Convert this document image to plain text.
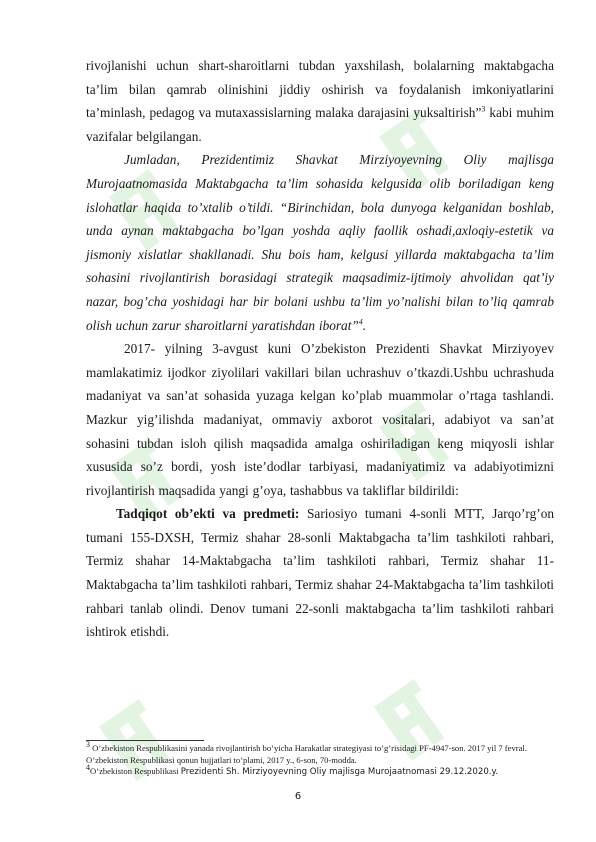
rivojlanishi uchun shart-sharoitlarni tubdan yaxshilash, bolalarning maktabgacha ta’lim bilan qamrab olinishini jiddiy oshirish va foydalanish imkoniyatlarini ta’minlash, pedagog va mutaxassislarning malaka darajasini yuksaltirish”$^3$ kabi muhim vazifalar belgilangan.

Jumladan, Prezidentimiz Shavkat Mirziyoyevning Oliy majlisga Murojaatnomasida Maktabgacha ta’lim sohasida kelgusida olib boriladigan keng islohatlar haqida to’xtalib o’tildi. “Birinchidan, bola dunyoga kelganidan boshlab, unda aynan maktabgacha bo’lgan yoshda aqliy faollik oshadi,axloqiy-estetik va jismoniy xislatlar shakllanadi. Shu bois ham, kelgusi yillarda maktabgacha ta’lim sohasini rivojlantirish borasidagi strategik maqsadimiz-ijtimoiy ahvolidan qat’iy nazar, bog’cha yoshidagi har bir bolani ushbu ta’lim yo’nalishi bilan to’liq qamrab olish uchun zarur sharoitlarni yaratishdan iborat”$^4$.

2017- yilning 3-avgust kuni O’zbekiston Prezidenti Shavkat Mirziyoyev mamlakatimiz ijodkor ziyolilari vakillari bilan uchrashuv o’tkazdi.Ushbu uchrashuda madaniyat va san’at sohasida yuzaga kelgan ko’plab muammolar o’rtaga tashlandi. Mazkur yig’ilishda madaniyat, ommaviy axborot vositalari, adabiyot va san’at sohasini tubdan isloh qilish maqsadida amalga oshiriladigan keng miqyosli ishlar xususida so’z bordi, yosh iste’dodlar tarbiyasi, madaniyatimiz va adabiyotimizni rivojlantirish maqsadida yangi g’oya, tashabbus va takliflar bildirildi:

Tadqiqot ob’ekti va predmeti: Sariosiyo tumani 4-sonli MTT, Jarqo’rg’on tumani 155-DXSH, Termiz shahar 28-sonli Maktabgacha ta’lim tashkiloti rahbari, Termiz shahar 14-Maktabgacha ta’lim tashkiloti rahbari, Termiz shahar 11-Maktabgacha ta’lim tashkiloti rahbari, Termiz shahar 24-Maktabgacha ta’lim tashkiloti rahbari tanlab olindi. Denov tumani 22-sonli maktabgacha ta’lim tashkiloti rahbari ishtirok etishdi.

$^3$ O’zbekiston Respublikasini yanada rivojlantirish bo’yicha Harakatlar strategiyasi to’g’risidagi PF-4947-son. 2017 yil 7 fevral. O’zbekiston Respublikasi qonun hujjatlari to’plami, 2017 y., 6-son, 70-modda.

$^4$O’zbekiston Respublikasi Prezidenti Sh. Mirziyoyevning Oliy majlisga Murojaatnomasi 29.12.2020.y.

6
